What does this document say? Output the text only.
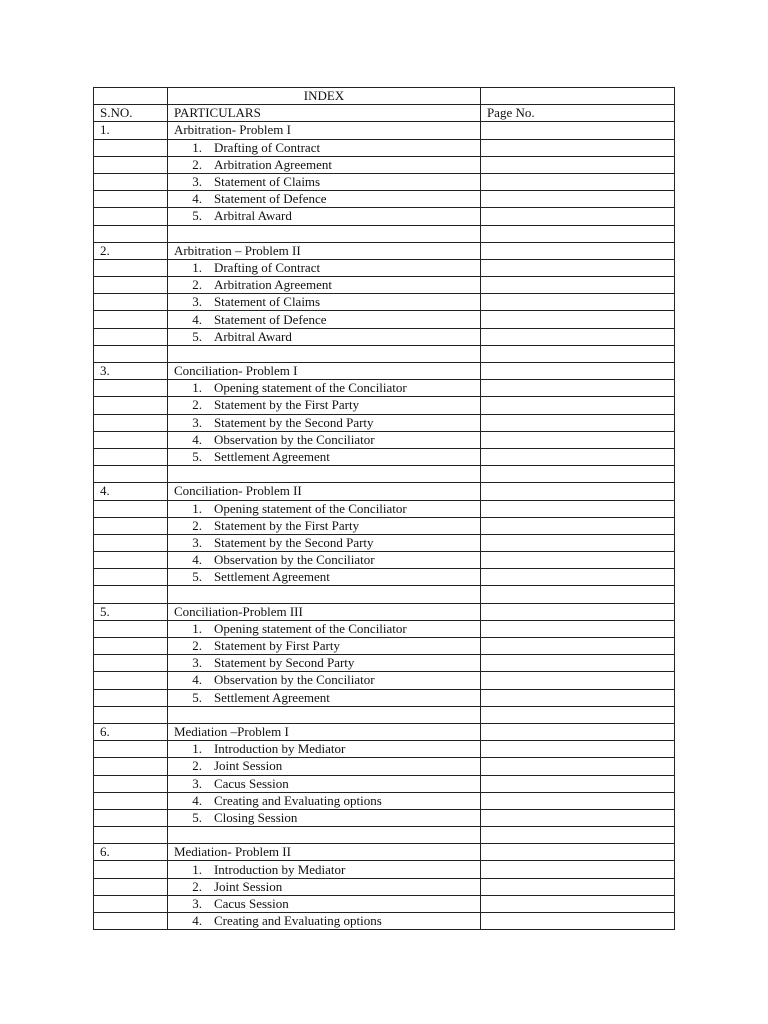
	INDEX	
S.NO.	PARTICULARS	Page No.
1.	Arbitration- Problem I	
	1. Drafting of Contract	
	2. Arbitration Agreement	
	3. Statement of Claims	
	4. Statement of Defence	
	5. Arbitral Award	

2.	Arbitration – Problem II	
	1. Drafting of Contract	
	2. Arbitration Agreement	
	3. Statement of Claims	
	4. Statement of Defence	
	5. Arbitral Award	

3.	Conciliation- Problem I	
	1. Opening statement of the Conciliator	
	2. Statement by the First Party	
	3. Statement by the Second Party	
	4. Observation by the Conciliator	
	5. Settlement Agreement	

4.	Conciliation- Problem II	
	1. Opening statement of the Conciliator	
	2. Statement by the First Party	
	3. Statement by the Second Party	
	4. Observation by the Conciliator	
	5. Settlement Agreement	

5.	Conciliation-Problem III	
	1. Opening statement of the Conciliator	
	2. Statement by First Party	
	3. Statement by Second Party	
	4. Observation by the Conciliator	
	5. Settlement Agreement	

6.	Mediation –Problem I	
	1. Introduction by Mediator	
	2. Joint Session	
	3. Cacus Session	
	4. Creating and Evaluating options	
	5. Closing Session	

6.	Mediation- Problem II	
	1. Introduction by Mediator	
	2. Joint Session	
	3. Cacus Session	
	4. Creating and Evaluating options	
